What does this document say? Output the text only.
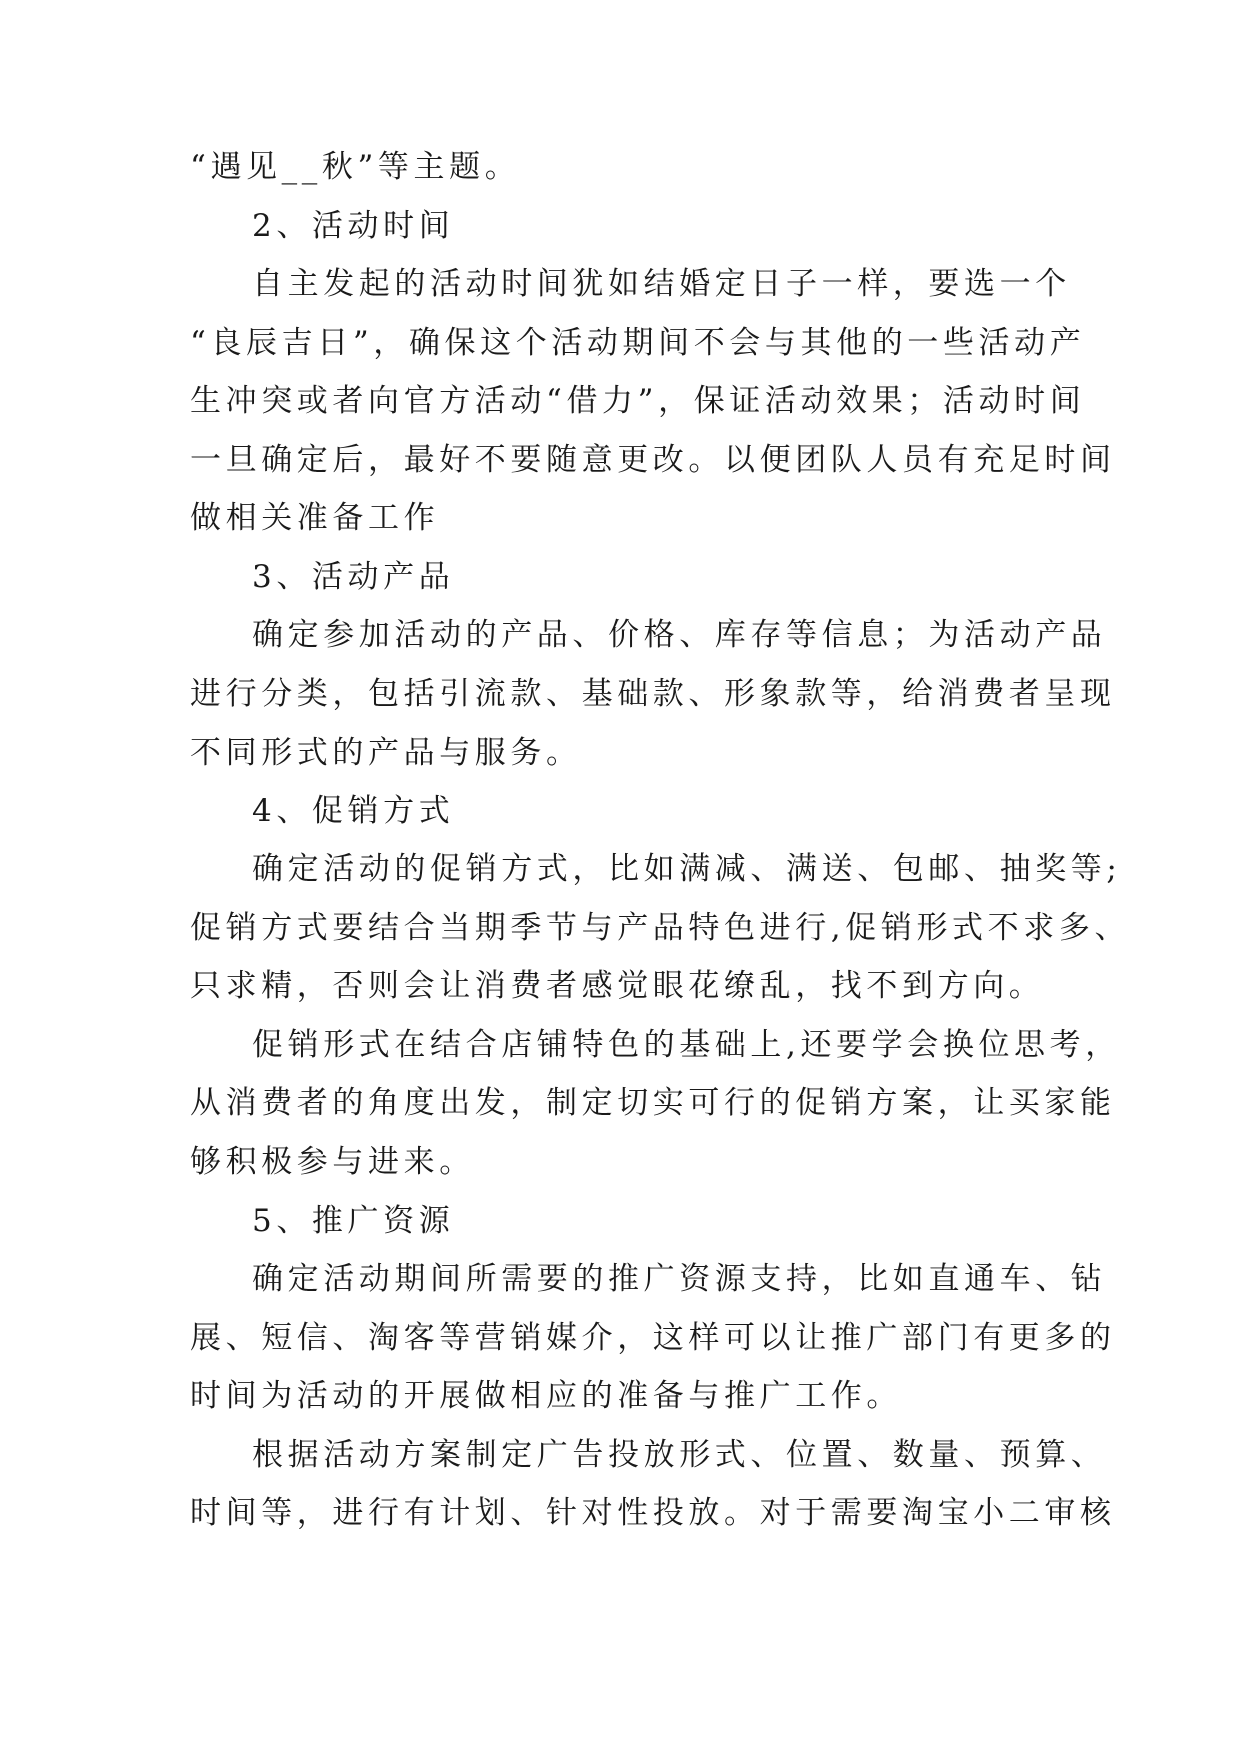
“遇见__秋”等主题。
2、活动时间
自主发起的活动时间犹如结婚定日子一样，要选一个
“良辰吉日”，确保这个活动期间不会与其他的一些活动产
生冲突或者向官方活动“借力”，保证活动效果；活动时间
一旦确定后，最好不要随意更改。以便团队人员有充足时间
做相关准备工作
3、活动产品
确定参加活动的产品、价格、库存等信息；为活动产品
进行分类，包括引流款、基础款、形象款等，给消费者呈现
不同形式的产品与服务。
4、促销方式
确定活动的促销方式，比如满减、满送、包邮、抽奖等;
促销方式要结合当期季节与产品特色进行,促销形式不求多、
只求精，否则会让消费者感觉眼花缭乱，找不到方向。
促销形式在结合店铺特色的基础上,还要学会换位思考，
从消费者的角度出发，制定切实可行的促销方案，让买家能
够积极参与进来。
5、推广资源
确定活动期间所需要的推广资源支持，比如直通车、钻
展、短信、淘客等营销媒介，这样可以让推广部门有更多的
时间为活动的开展做相应的准备与推广工作。
根据活动方案制定广告投放形式、位置、数量、预算、
时间等，进行有计划、针对性投放。对于需要淘宝小二审核
